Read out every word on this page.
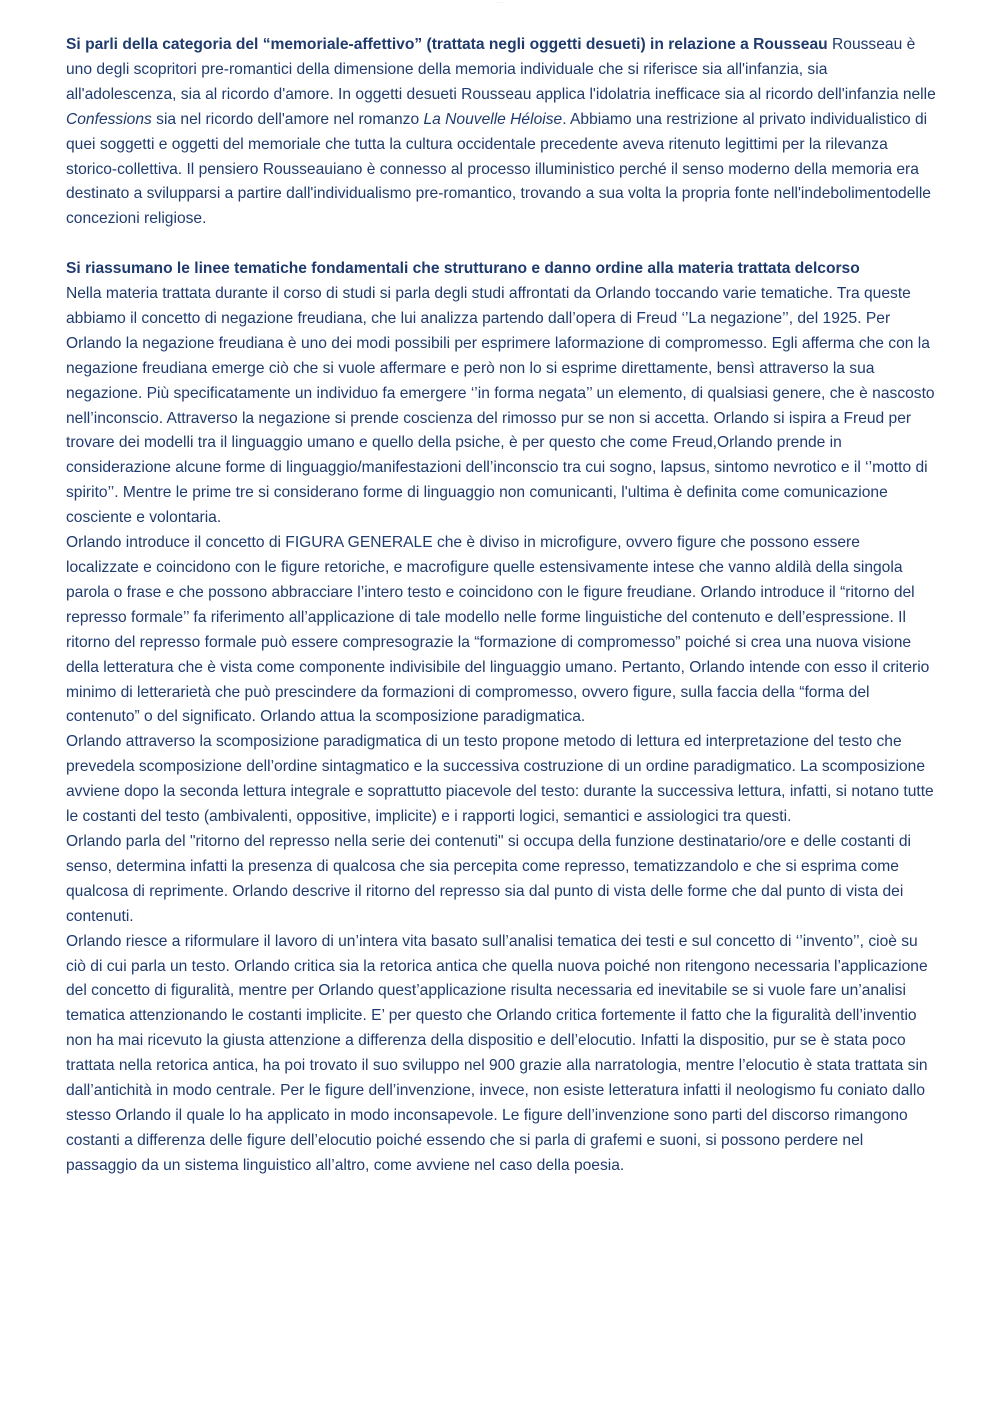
........

Si parli della categoria del “memoriale-affettivo” (trattata negli oggetti desueti) in relazione a Rousseau Rousseau è uno degli scopritori pre-romantici della dimensione della memoria individuale che si riferisce sia all'infanzia, sia all'adolescenza, sia al ricordo d'amore. In oggetti desueti Rousseau applica l'idolatria inefficace sia al ricordo dell'infanzia nelle Confessions sia nel ricordo dell'amore nel romanzo La Nouvelle Héloise. Abbiamo una restrizione al privato individualistico di quei soggetti e oggetti del memoriale che tutta la cultura occidentale precedente aveva ritenuto legittimi per la rilevanza storico-collettiva. Il pensiero Rousseauiano è connesso al processo illuministico perché il senso moderno della memoria era destinato a svilupparsi a partire dall'individualismo pre-romantico, trovando a sua volta la propria fonte nell'indebolimentodelle concezioni religiose.

Si riassumano le linee tematiche fondamentali che strutturano e danno ordine alla materia trattata delcorso

Nella materia trattata durante il corso di studi si parla degli studi affrontati da Orlando toccando varie tematiche. Tra queste abbiamo il concetto di negazione freudiana, che lui analizza partendo dall’opera di Freud ‘’La negazione’’, del 1925. Per Orlando la negazione freudiana è uno dei modi possibili per esprimere laformazione di compromesso. Egli afferma che con la negazione freudiana emerge ciò che si vuole affermare e però non lo si esprime direttamente, bensì attraverso la sua negazione. Più specificatamente un individuo fa emergere ‘’in forma negata’’ un elemento, di qualsiasi genere, che è nascosto nell’inconscio. Attraverso la negazione si prende coscienza del rimosso pur se non si accetta. Orlando si ispira a Freud per trovare dei modelli tra il linguaggio umano e quello della psiche, è per questo che come Freud,Orlando prende in considerazione alcune forme di linguaggio/manifestazioni dell’inconscio tra cui sogno, lapsus, sintomo nevrotico e il ‘’motto di spirito’’. Mentre le prime tre si considerano forme di linguaggio non comunicanti, l'ultima è definita come comunicazione cosciente e volontaria.

Orlando introduce il concetto di FIGURA GENERALE che è diviso in microfigure, ovvero figure che possono essere localizzate e coincidono con le figure retoriche, e macrofigure quelle estensivamente intese che vanno aldilà della singola parola o frase e che possono abbracciare l’intero testo e coincidono con le figure freudiane. Orlando introduce il “ritorno del represso formale’’ fa riferimento all’applicazione di tale modello nelle forme linguistiche del contenuto e dell’espressione. Il ritorno del represso formale può essere compresograzie la “formazione di compromesso” poiché si crea una nuova visione della letteratura che è vista come componente indivisibile del linguaggio umano. Pertanto, Orlando intende con esso il criterio minimo di letterarietà che può prescindere da formazioni di compromesso, ovvero figure, sulla faccia della “forma del contenuto” o del significato. Orlando attua la scomposizione paradigmatica.

Orlando attraverso la scomposizione paradigmatica di un testo propone metodo di lettura ed interpretazione del testo che prevedela scomposizione dell’ordine sintagmatico e la successiva costruzione di un ordine paradigmatico. La scomposizione avviene dopo la seconda lettura integrale e soprattutto piacevole del testo: durante la successiva lettura, infatti, si notano tutte le costanti del testo (ambivalenti, oppositive, implicite) e i rapporti logici, semantici e assiologici tra questi.

Orlando parla del "ritorno del represso nella serie dei contenuti" si occupa della funzione destinatario/ore e delle costanti di senso, determina infatti la presenza di qualcosa che sia percepita come represso, tematizzandolo e che si esprima come qualcosa di reprimente. Orlando descrive il ritorno del represso sia dal punto di vista delle forme che dal punto di vista dei contenuti.

Orlando riesce a riformulare il lavoro di un’intera vita basato sull’analisi tematica dei testi e sul concetto di ‘’invento’’, cioè su ciò di cui parla un testo. Orlando critica sia la retorica antica che quella nuova poiché non ritengono necessaria l’applicazione del concetto di figuralità, mentre per Orlando quest’applicazione risulta necessaria ed inevitabile se si vuole fare un’analisi tematica attenzionando le costanti implicite. E’ per questo che Orlando critica fortemente il fatto che la figuralità dell’inventio non ha mai ricevuto la giusta attenzione a differenza della dispositio e dell’elocutio. Infatti la dispositio, pur se è stata poco trattata nella retorica antica, ha poi trovato il suo sviluppo nel 900 grazie alla narratologia, mentre l’elocutio è stata trattata sin dall’antichità in modo centrale. Per le figure dell’invenzione, invece, non esiste letteratura infatti il neologismo fu coniato dallo stesso Orlando il quale lo ha applicato in modo inconsapevole. Le figure dell’invenzione sono parti del discorso rimangono costanti a differenza delle figure dell’elocutio poiché essendo che si parla di grafemi e suoni, si possono perdere nel passaggio da un sistema linguistico all’altro, come avviene nel caso della poesia.
